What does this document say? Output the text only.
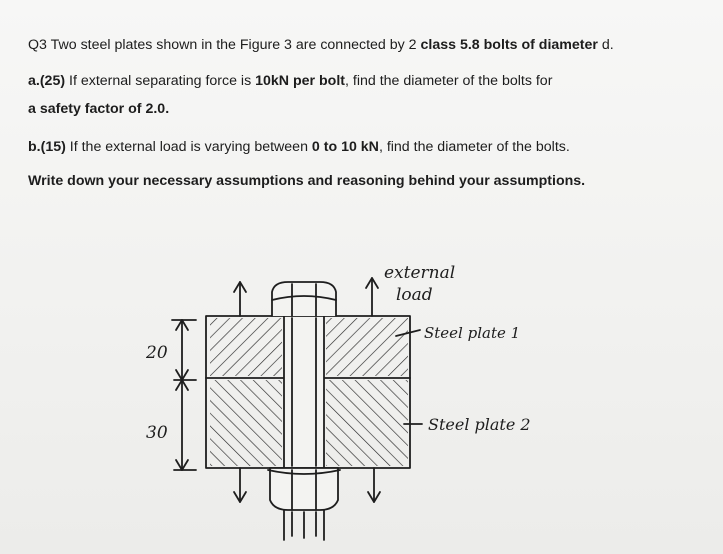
Q3 Two steel plates shown in the Figure 3 are connected by 2 class 5.8 bolts of diameter d.
a.(25) If external separating force is 10kN per bolt, find the diameter of the bolts for
a safety factor of 2.0.
b.(15) If the external load is varying between 0 to 10 kN, find the diameter of the bolts.
Write down your necessary assumptions and reasoning behind your assumptions.
20
30
external
load
Steel plate 1
Steel plate 2
